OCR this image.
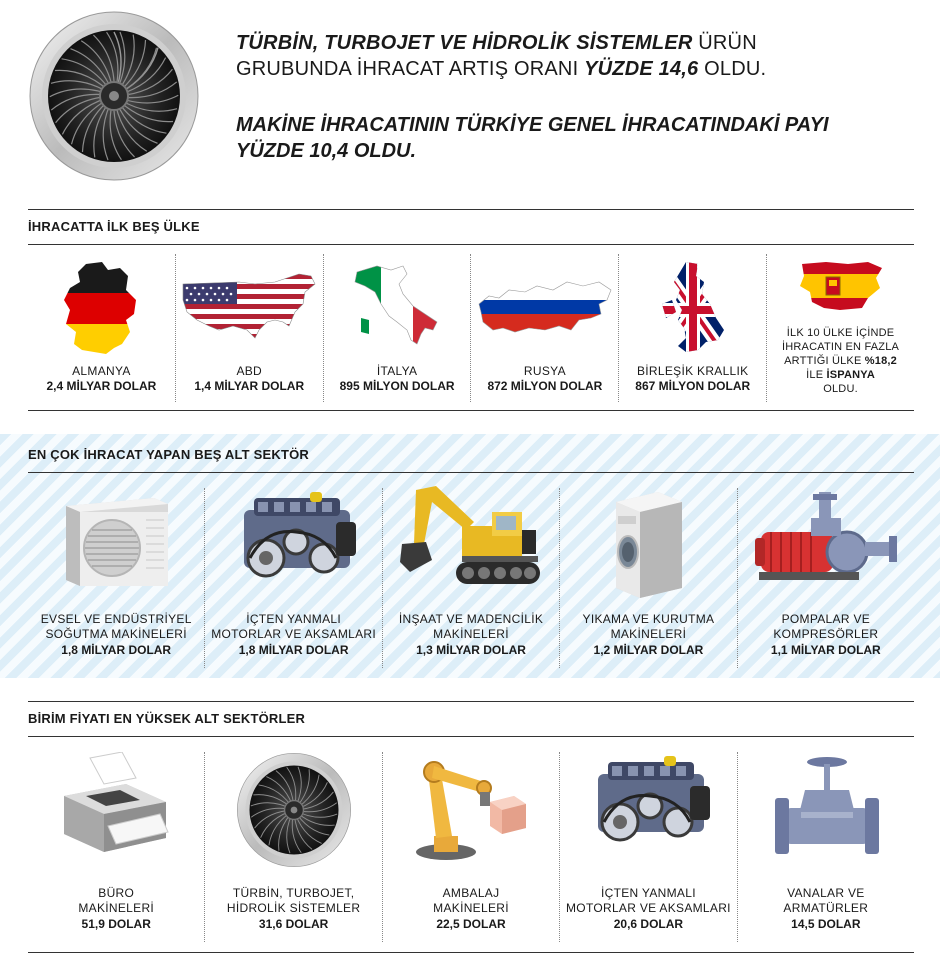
TÜRBİN, TURBOJET VE HİDROLİK SİSTEMLER ÜRÜN
GRUBUNDA İHRACAT ARTIŞ ORANI YÜZDE 14,6 OLDU.
MAKİNE İHRACATININ TÜRKİYE GENEL İHRACATINDAKİ PAYI
YÜZDE 10,4 OLDU.
İHRACATTA İLK BEŞ ÜLKE
ALMANYA
2,4 MİLYAR DOLAR
ABD
1,4 MİLYAR DOLAR
İTALYA
895 MİLYON DOLAR
RUSYA
872 MİLYON DOLAR
BİRLEŞİK KRALLIK
867 MİLYON DOLAR
İLK 10 ÜLKE İÇİNDE
İHRACATIN EN FAZLA
ARTTIĞI ÜLKE %18,2
İLE İSPANYA
OLDU.
EN ÇOK İHRACAT YAPAN BEŞ ALT SEKTÖR
EVSEL VE ENDÜSTRİYEL
SOĞUTMA MAKİNELERİ
1,8 MİLYAR DOLAR
İÇTEN YANMALI
MOTORLAR VE AKSAMLARI
1,8 MİLYAR DOLAR
İNŞAAT VE MADENCİLİK
MAKİNELERİ
1,3 MİLYAR DOLAR
YIKAMA VE KURUTMA
MAKİNELERİ
1,2 MİLYAR DOLAR
POMPALAR VE
KOMPRESÖRLER
1,1 MİLYAR DOLAR
BİRİM FİYATI EN YÜKSEK ALT SEKTÖRLER
BÜRO
MAKİNELERİ
51,9 DOLAR
TÜRBİN, TURBOJET,
HİDROLİK SİSTEMLER
31,6 DOLAR
AMBALAJ
MAKİNELERİ
22,5 DOLAR
İÇTEN YANMALI
MOTORLAR VE AKSAMLARI
20,6 DOLAR
VANALAR VE
ARMATÜRLER
14,5 DOLAR
